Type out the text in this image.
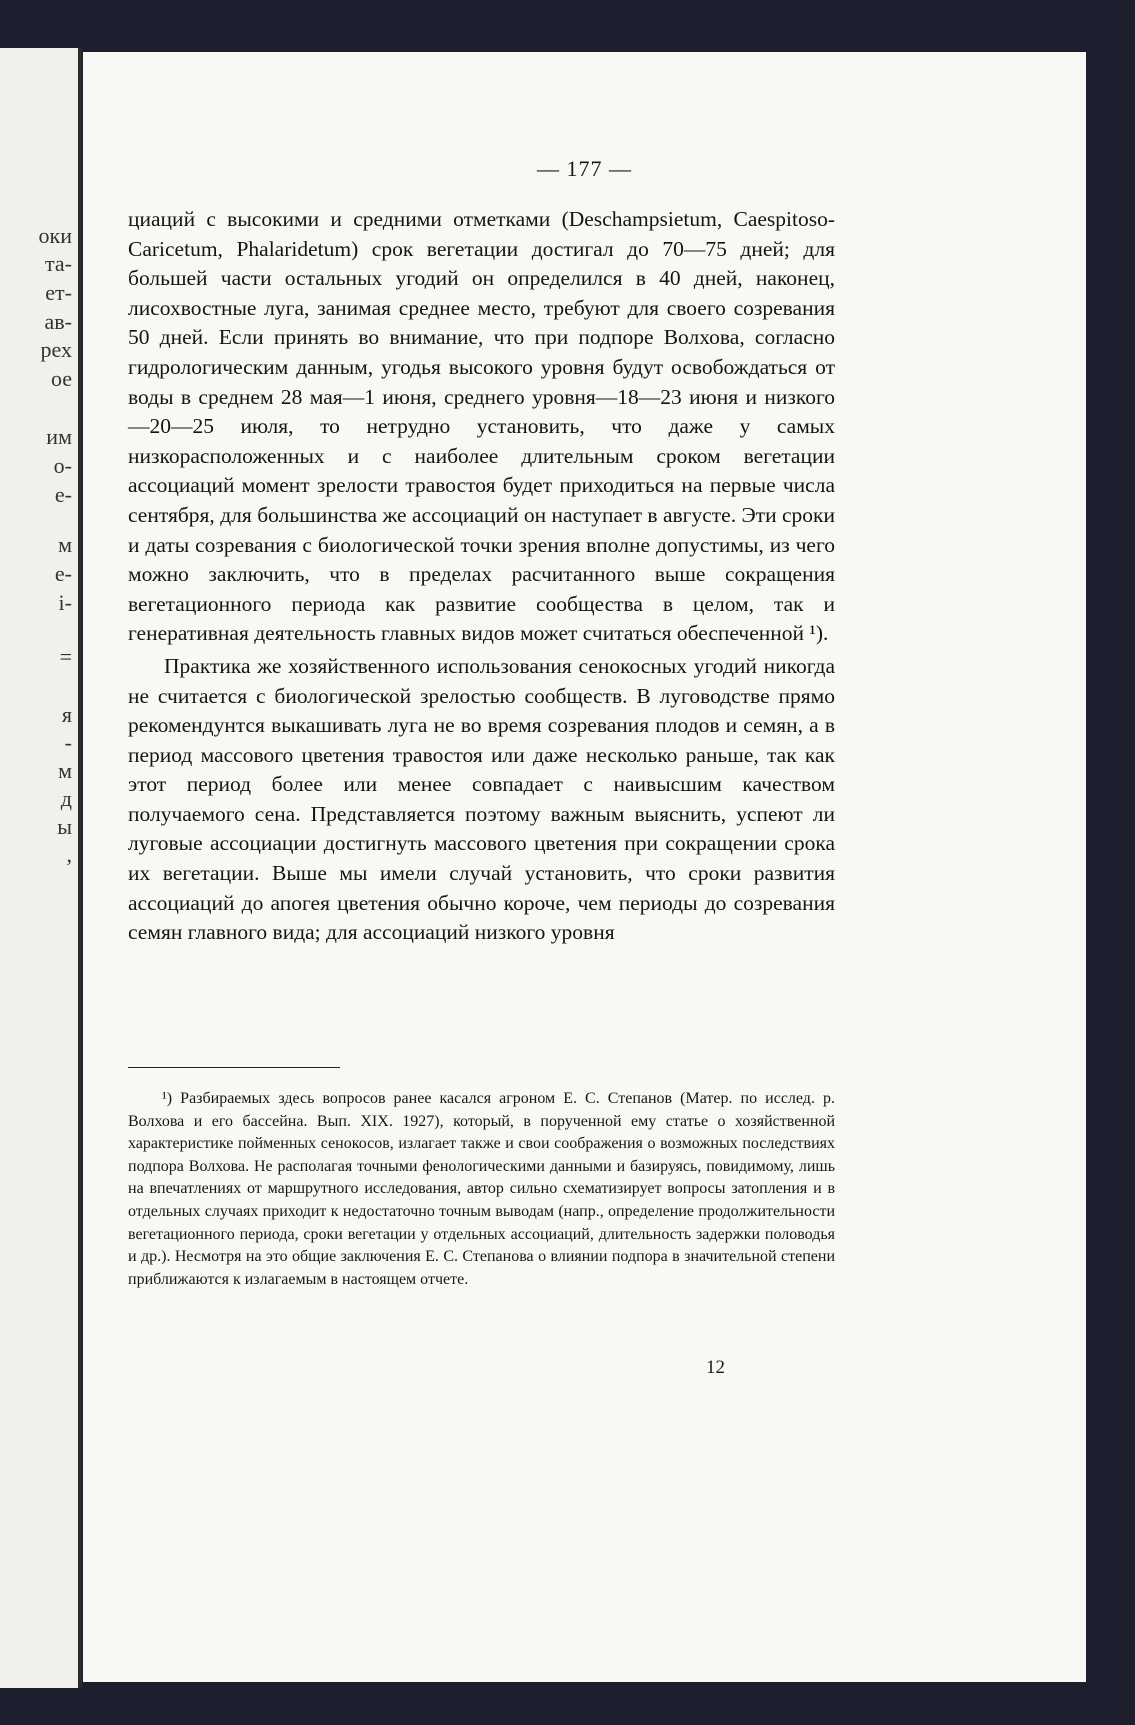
оки
та-
ет-
ав-
рех
ое
им
о-
е-
м
е-
i-
=
я
-
м
д
ы
,
— 177 —

циаций с высокими и средними отметками (Deschampsietum, Caespitoso-Caricetum, Phalaridetum) срок вегетации достигал до 70—75 дней; для большей части остальных угодий он определился в 40 дней, наконец, лисохвостные луга, занимая среднее место, требуют для своего созревания 50 дней. Если принять во внимание, что при подпоре Волхова, согласно гидрологическим данным, угодья высокого уровня будут освобождаться от воды в среднем 28 мая—1 июня, среднего уровня—18—23 июня и низкого—20—25 июля, то нетрудно установить, что даже у самых низкорасположенных и с наиболее длительным сроком вегетации ассоциаций момент зрелости травостоя будет приходиться на первые числа сентября, для большинства же ассоциаций он наступает в августе. Эти сроки и даты созревания с биологической точки зрения вполне допустимы, из чего можно заключить, что в пределах расчитанного выше сокращения вегетационного периода как развитие сообщества в целом, так и генеративная деятельность главных видов может считаться обеспеченной ¹).

Практика же хозяйственного использования сенокосных угодий никогда не считается с биологической зрелостью сообществ. В луговодстве прямо рекомендунтся выкашивать луга не во время созревания плодов и семян, а в период массового цветения травостоя или даже несколько раньше, так как этот период более или менее совпадает с наивысшим качеством получаемого сена. Представляется поэтому важным выяснить, успеют ли луговые ассоциации достигнуть массового цветения при сокращении срока их вегетации. Выше мы имели случай установить, что сроки развития ассоциаций до апогея цветения обычно короче, чем периоды до созревания семян главного вида; для ассоциаций низкого уровня

¹) Разбираемых здесь вопросов ранее касался агроном Е. С. Степанов (Матер. по исслед. р. Волхова и его бассейна. Вып. XIX. 1927), который, в порученной ему статье о хозяйственной характеристике пойменных сенокосов, излагает также и свои соображения о возможных последствиях подпора Волхова. Не располагая точными фенологическими данными и базируясь, повидимому, лишь на впечатлениях от маршрутного исследования, автор сильно схематизирует вопросы затопления и в отдельных случаях приходит к недостаточно точным выводам (напр., определение продолжительности вегетационного периода, сроки вегетации у отдельных ассоциаций, длительность задержки половодья и др.). Несмотря на это общие заключения Е. С. Степанова о влиянии подпора в значительной степени приближаются к излагаемым в настоящем отчете.
12
